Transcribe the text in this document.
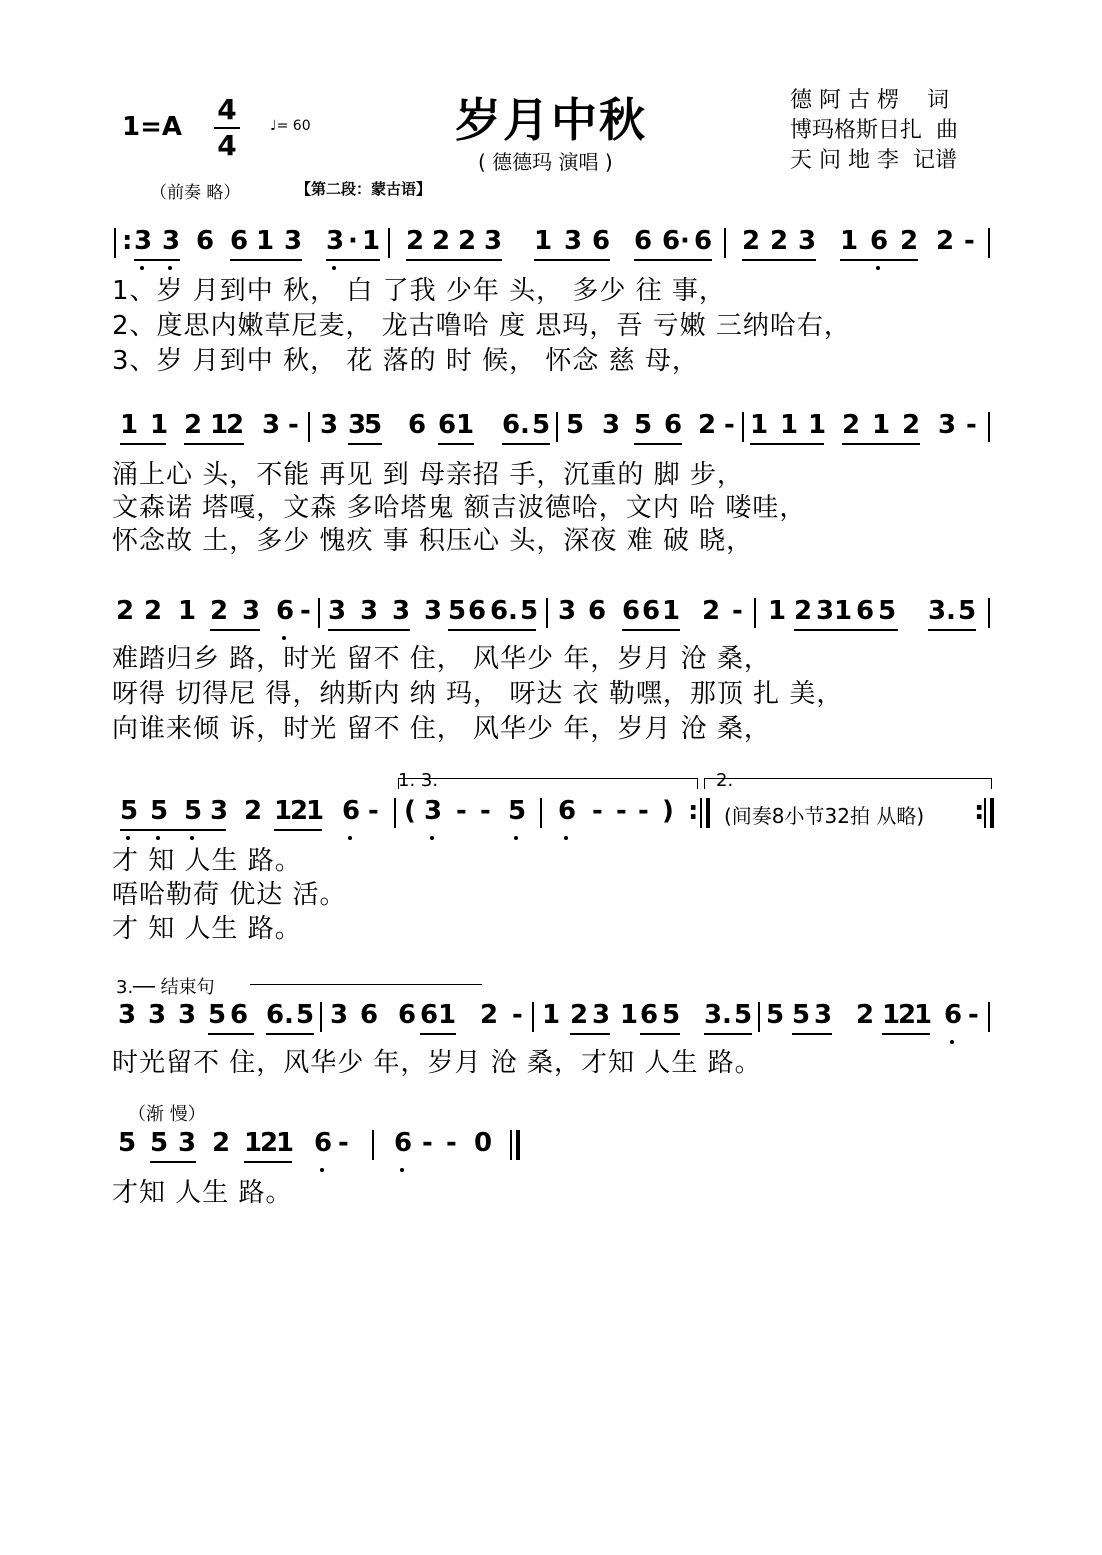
1=A
4
4
♩= 60	岁月中秋
( 德德玛 演唱 )
德 阿 古 楞    词
博玛格斯日扎  曲
天 问 地 李  记谱
（前奏 略）	【第二段：蒙古语】
: 3 3 6 6 1 3 3 · 1 2 2 2 3 1 3 6 6 6 · 6 2 2 3 1 6 2 2 -
1、岁 月到中 秋， 白 了我 少年 头， 多少 往 事，
2、度思内嫩草尼麦， 龙古噜哈 度 思玛，吾 亏嫩 三纳哈右，
3、岁 月到中 秋， 花 落的 时 候， 怀念 慈 母，
1 1 2 1
2 3 - 3 3
5 6 6 1 6 . 5 5 3 5 6 2 - 1 1 1 2 1 2 3 -
涌上心 头，不能 再见 到 母亲招 手，沉重的 脚 步，
文森诺 塔嘎，文森 多哈塔鬼 额吉波德哈，文内 哈 喽哇，
怀念故 土，多少 愧疚 事 积压心 头，深夜 难 破 晓，
2 2 1 2 3 6 - 3 3 3 3 5 6 6 . 5 3 6 6 6 1 2 - 1 2 3 1 6 5 3 . 5
难踏归乡 路，时光 留不 住， 风华少 年，岁月 沧 桑，
呀得 切得尼 得，纳斯内 纳 玛， 呀达 衣 勒嘿，那顶 扎 美，
向谁来倾 诉，时光 留不 住， 风华少 年，岁月 沧 桑，
1. 3.	2.
5 5 5 3 2 1
2
1 6 - ( 3 - - 5 6 - - - ) : (间奏8小节32拍 从略) :
才 知 人生 路。
唔哈勒荷 优达 活。
才 知 人生 路。
3.── 结束句
3 3 3 5 6 6 . 5 3 6 6 6 1 2 - 1 2 3 1 6 5 3 . 5 5 5 3 2 1
2
1 6 -
时光留不 住，风华少 年，岁月 沧 桑，才知 人生 路。
（渐 慢）
5 5 3 2 1
2
1 6 - 6 - - 0
才知 人生 路。
